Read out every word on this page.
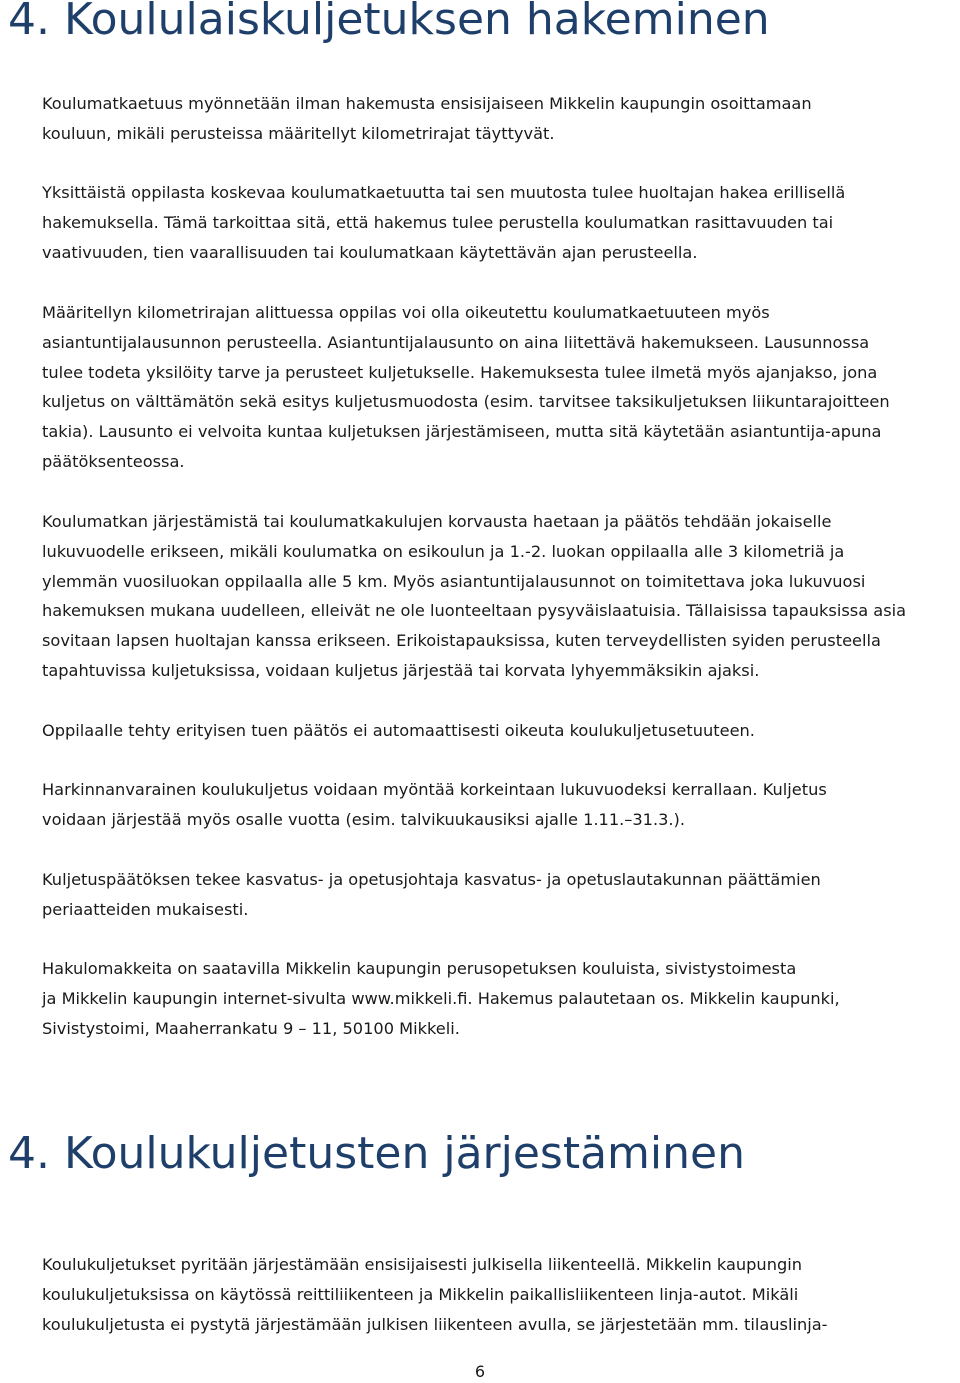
4. Koululaiskuljetuksen hakeminen
Koulumatkaetuus myönnetään ilman hakemusta ensisijaiseen Mikkelin kaupungin osoittamaan
kouluun, mikäli perusteissa määritellyt kilometrirajat täyttyvät.
Yksittäistä oppilasta koskevaa koulumatkaetuutta tai sen muutosta tulee huoltajan hakea erillisellä
hakemuksella. Tämä tarkoittaa sitä, että hakemus tulee perustella koulumatkan rasittavuuden tai
vaativuuden, tien vaarallisuuden tai koulumatkaan käytettävän ajan perusteella.
Määritellyn kilometrirajan alittuessa oppilas voi olla oikeutettu koulumatkaetuuteen myös
asiantuntijalausunnon perusteella. Asiantuntijalausunto on aina liitettävä hakemukseen. Lausunnossa
tulee todeta yksilöity tarve ja perusteet kuljetukselle. Hakemuksesta tulee ilmetä myös ajanjakso, jona
kuljetus on välttämätön sekä esitys kuljetusmuodosta (esim. tarvitsee taksikuljetuksen liikuntarajoitteen
takia). Lausunto ei velvoita kuntaa kuljetuksen järjestämiseen, mutta sitä käytetään asiantuntija-apuna
päätöksenteossa.
Koulumatkan järjestämistä tai koulumatkakulujen korvausta haetaan ja päätös tehdään jokaiselle
lukuvuodelle erikseen, mikäli koulumatka on esikoulun ja 1.-2. luokan oppilaalla alle 3 kilometriä ja
ylemmän vuosiluokan oppilaalla alle 5 km. Myös asiantuntijalausunnot on toimitettava joka lukuvuosi
hakemuksen mukana uudelleen, elleivät ne ole luonteeltaan pysyväislaatuisia. Tällaisissa tapauksissa asia
sovitaan lapsen huoltajan kanssa erikseen. Erikoistapauksissa, kuten terveydellisten syiden perusteella
tapahtuvissa kuljetuksissa, voidaan kuljetus järjestää tai korvata lyhyemmäksikin ajaksi.
Oppilaalle tehty erityisen tuen päätös ei automaattisesti oikeuta koulukuljetusetuuteen.
Harkinnanvarainen koulukuljetus voidaan myöntää korkeintaan lukuvuodeksi kerrallaan. Kuljetus
voidaan järjestää myös osalle vuotta (esim. talvikuukausiksi ajalle 1.11.–31.3.).
Kuljetuspäätöksen tekee kasvatus- ja opetusjohtaja kasvatus- ja opetuslautakunnan päättämien
periaatteiden mukaisesti.
Hakulomakkeita on saatavilla Mikkelin kaupungin perusopetuksen kouluista, sivistystoimesta
ja Mikkelin kaupungin internet-sivulta www.mikkeli.fi. Hakemus palautetaan os. Mikkelin kaupunki,
Sivistystoimi, Maaherrankatu 9 – 11, 50100 Mikkeli.
4. Koulukuljetusten järjestäminen
Koulukuljetukset pyritään järjestämään ensisijaisesti julkisella liikenteellä. Mikkelin kaupungin
koulukuljetuksissa on käytössä reittiliikenteen ja Mikkelin paikallisliikenteen linja-autot. Mikäli
koulukuljetusta ei pystytä järjestämään julkisen liikenteen avulla, se järjestetään mm. tilauslinja-
6
